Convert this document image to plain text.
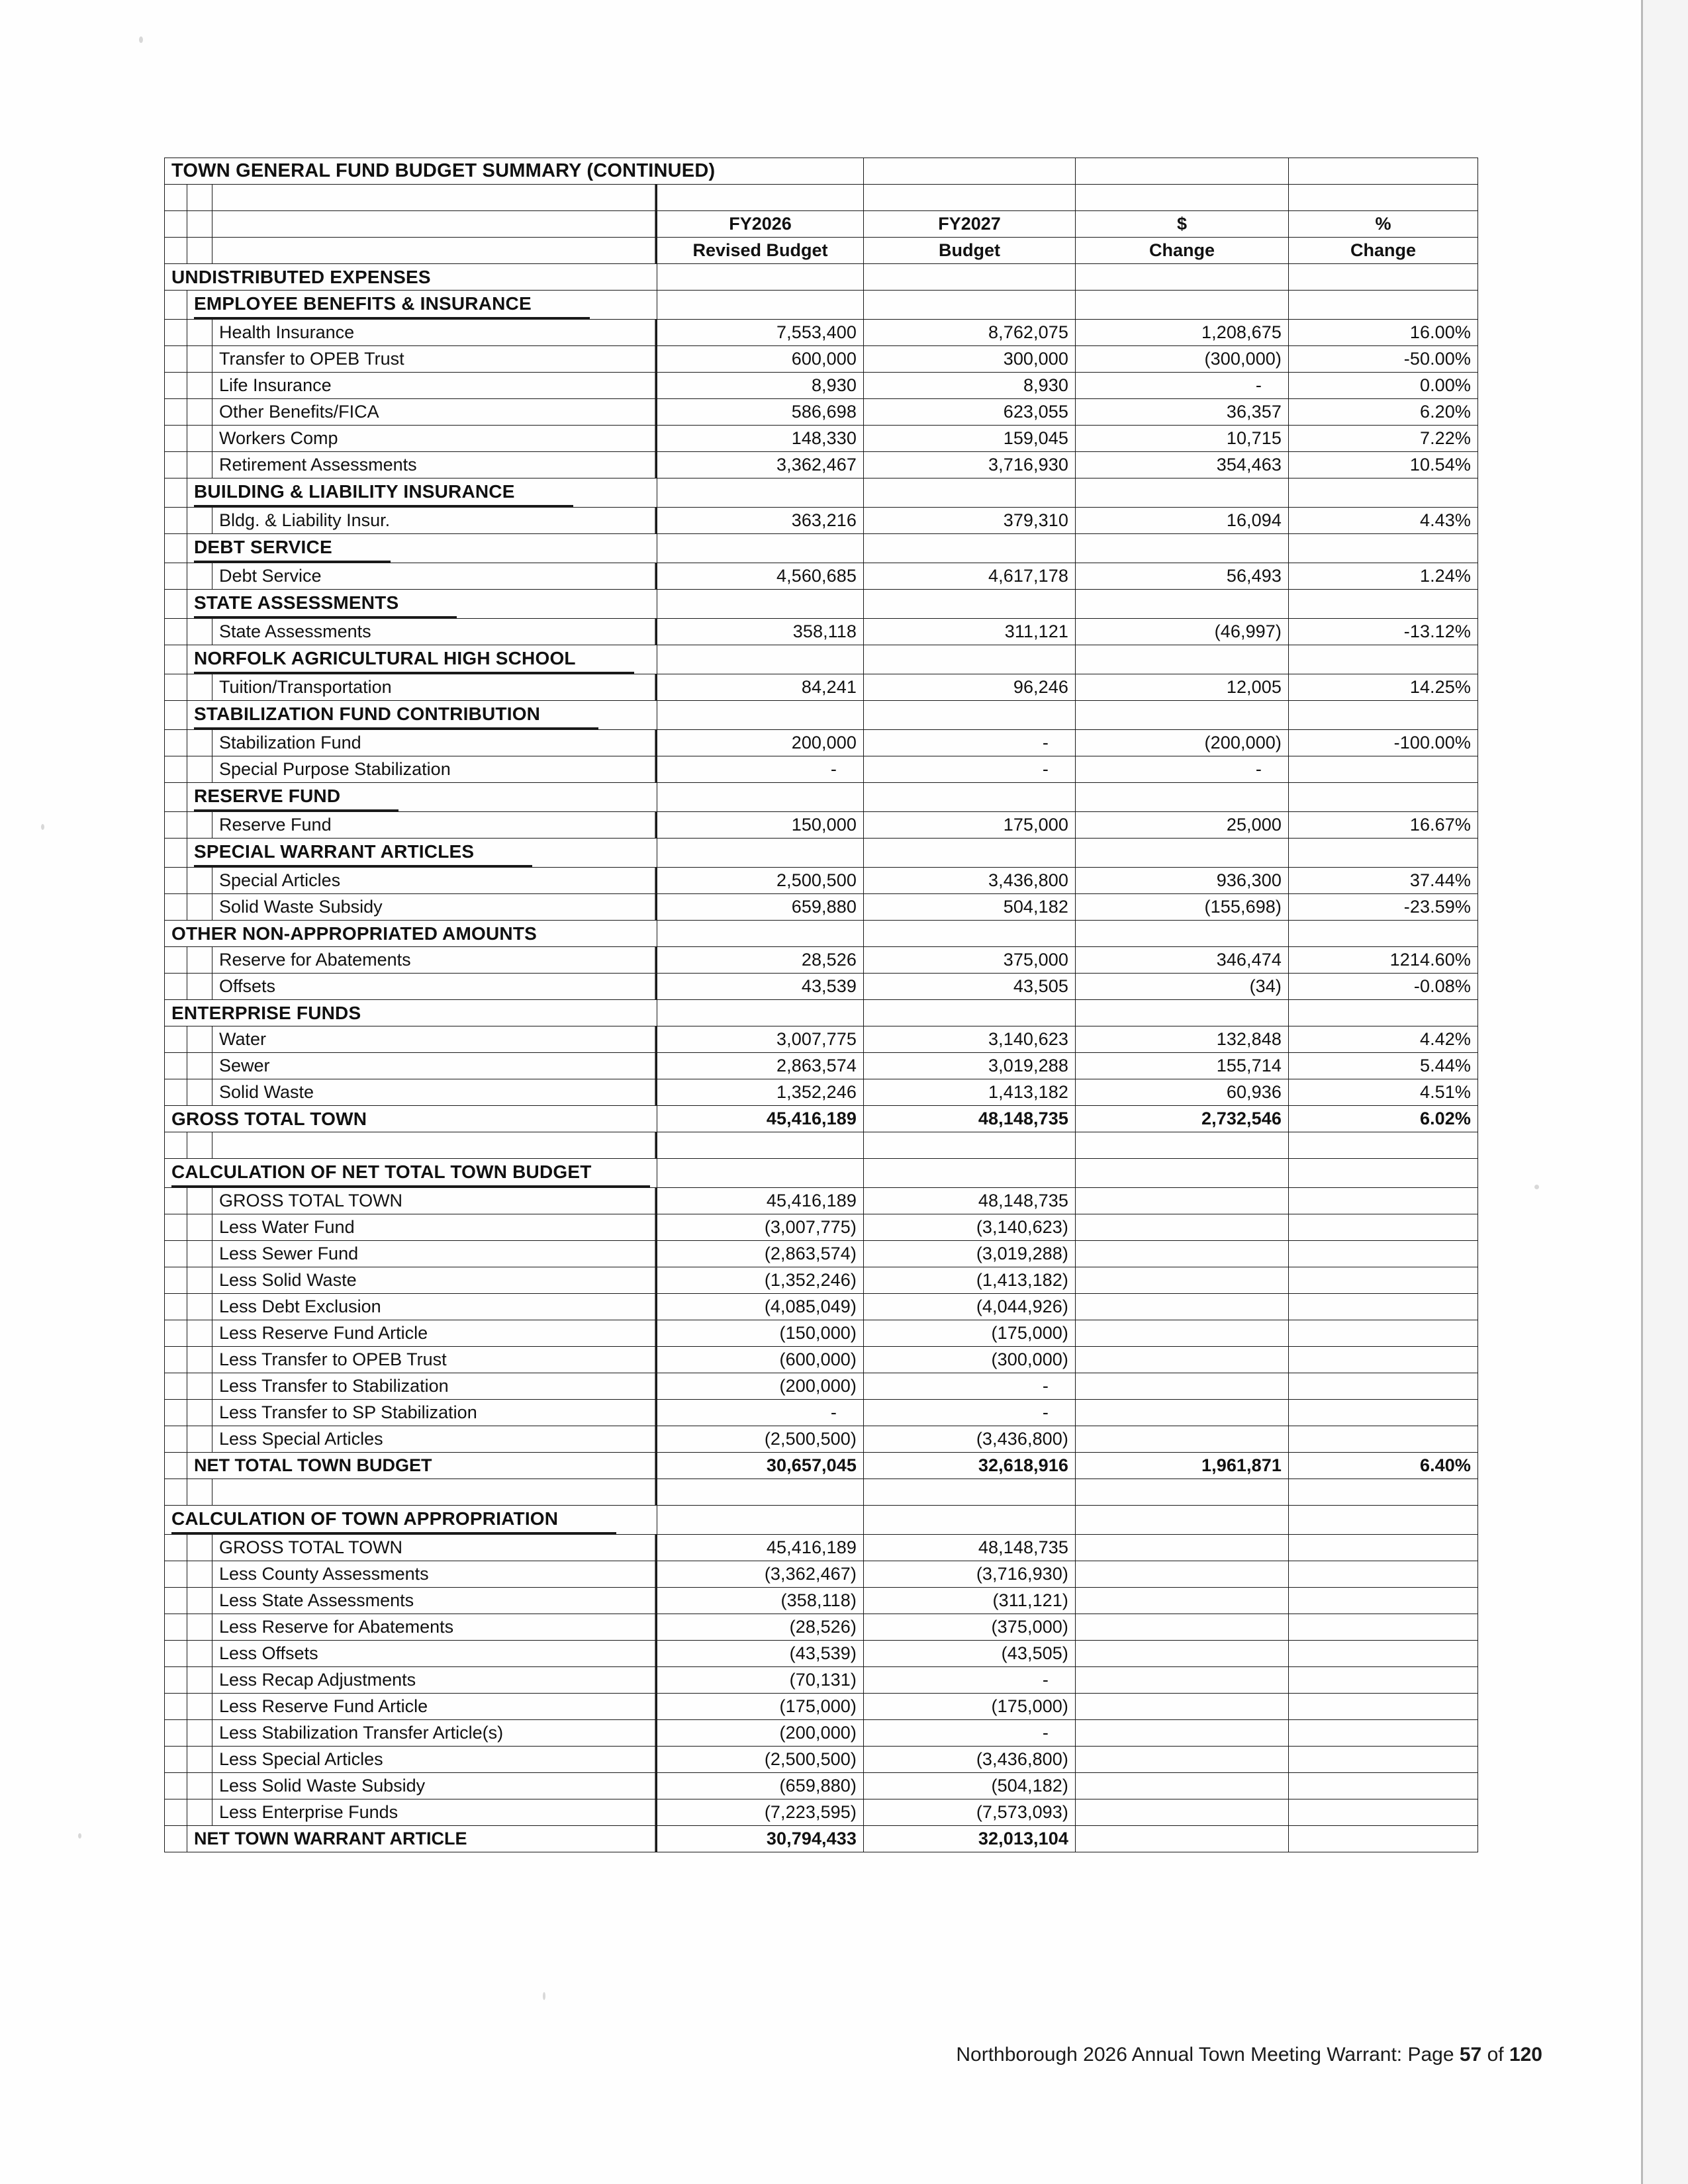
TOWN GENERAL FUND BUDGET SUMMARY (CONTINUED)						

			FY2026	FY2027	$	%
			Revised Budget	Budget	Change	Change
UNDISTRIBUTED EXPENSES						
	EMPLOYEE BENEFITS & INSURANCE					
		Health Insurance	7,553,400	8,762,075	1,208,675	16.00%
		Transfer to OPEB Trust	600,000	300,000	(300,000)	-50.00%
		Life Insurance	8,930	8,930	-	0.00%
		Other Benefits/FICA	586,698	623,055	36,357	6.20%
		Workers Comp	148,330	159,045	10,715	7.22%
		Retirement Assessments	3,362,467	3,716,930	354,463	10.54%
	BUILDING & LIABILITY INSURANCE					
		Bldg. & Liability Insur.	363,216	379,310	16,094	4.43%
	DEBT SERVICE					
		Debt Service	4,560,685	4,617,178	56,493	1.24%
	STATE ASSESSMENTS					
		State Assessments	358,118	311,121	(46,997)	-13.12%
	NORFOLK AGRICULTURAL HIGH SCHOOL					
		Tuition/Transportation	84,241	96,246	12,005	14.25%
	STABILIZATION FUND CONTRIBUTION					
		Stabilization Fund	200,000	-	(200,000)	-100.00%
		Special Purpose Stabilization	-	-	-	
	RESERVE FUND					
		Reserve Fund	150,000	175,000	25,000	16.67%
	SPECIAL WARRANT ARTICLES					
		Special Articles	2,500,500	3,436,800	936,300	37.44%
		Solid Waste Subsidy	659,880	504,182	(155,698)	-23.59%
OTHER NON-APPROPRIATED AMOUNTS						
		Reserve for Abatements	28,526	375,000	346,474	1214.60%
		Offsets	43,539	43,505	(34)	-0.08%
ENTERPRISE FUNDS						
		Water	3,007,775	3,140,623	132,848	4.42%
		Sewer	2,863,574	3,019,288	155,714	5.44%
		Solid Waste	1,352,246	1,413,182	60,936	4.51%
GROSS TOTAL TOWN			45,416,189	48,148,735	2,732,546	6.02%

CALCULATION OF NET TOTAL TOWN BUDGET						
		GROSS TOTAL TOWN	45,416,189	48,148,735		
		Less Water Fund	(3,007,775)	(3,140,623)		
		Less Sewer Fund	(2,863,574)	(3,019,288)		
		Less Solid Waste	(1,352,246)	(1,413,182)		
		Less Debt Exclusion	(4,085,049)	(4,044,926)		
		Less Reserve Fund Article	(150,000)	(175,000)		
		Less Transfer to OPEB Trust	(600,000)	(300,000)		
		Less Transfer to Stabilization	(200,000)	-		
		Less Transfer to SP Stabilization	-	-		
		Less Special Articles	(2,500,500)	(3,436,800)		
	NET TOTAL TOWN BUDGET		30,657,045	32,618,916	1,961,871	6.40%

CALCULATION OF TOWN APPROPRIATION						
		GROSS TOTAL TOWN	45,416,189	48,148,735		
		Less County Assessments	(3,362,467)	(3,716,930)		
		Less State Assessments	(358,118)	(311,121)		
		Less Reserve for Abatements	(28,526)	(375,000)		
		Less Offsets	(43,539)	(43,505)		
		Less Recap Adjustments	(70,131)	-		
		Less Reserve Fund Article	(175,000)	(175,000)		
		Less Stabilization Transfer Article(s)	(200,000)	-		
		Less Special Articles	(2,500,500)	(3,436,800)		
		Less Solid Waste Subsidy	(659,880)	(504,182)		
		Less Enterprise Funds	(7,223,595)	(7,573,093)		
	NET TOWN WARRANT ARTICLE		30,794,433	32,013,104		
Northborough 2026 Annual Town Meeting Warrant: Page 57 of 120
